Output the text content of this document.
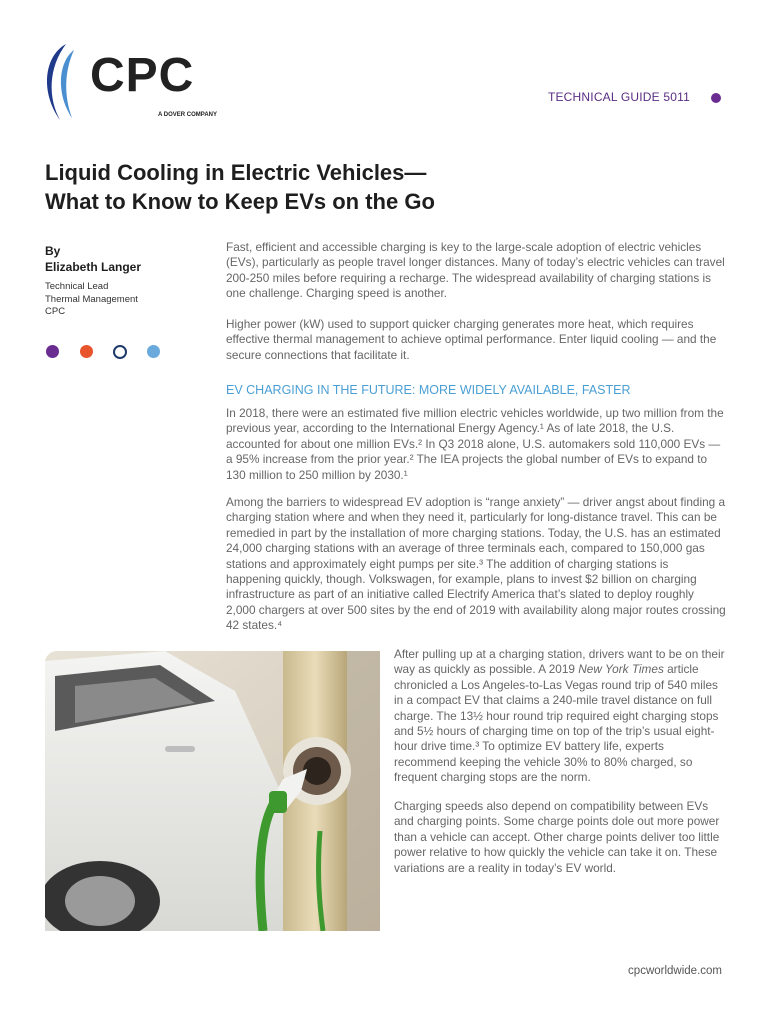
CPC
A DOVER COMPANY
TECHNICAL GUIDE 5011
Liquid Cooling in Electric Vehicles—
What to Know to Keep EVs on the Go
By
Elizabeth Langer
Technical Lead
Thermal Management
CPC

Fast, efficient and accessible charging is key to the large-scale adoption of electric vehicles (EVs), particularly as people travel longer distances. Many of today’s electric vehicles can travel 200-250 miles before requiring a recharge. The widespread availability of charging stations is one challenge. Charging speed is another.

Higher power (kW) used to support quicker charging generates more heat, which requires effective thermal management to achieve optimal performance. Enter liquid cooling — and the secure connections that facilitate it.

EV CHARGING IN THE FUTURE: MORE WIDELY AVAILABLE, FASTER

In 2018, there were an estimated five million electric vehicles worldwide, up two million from the previous year, according to the International Energy Agency.¹ As of late 2018, the U.S. accounted for about one million EVs.² In Q3 2018 alone, U.S. automakers sold 110,000 EVs — a 95% increase from the prior year.² The IEA projects the global number of EVs to expand to 130 million to 250 million by 2030.¹

Among the barriers to widespread EV adoption is “range anxiety” — driver angst about finding a charging station where and when they need it, particularly for long-distance travel. This can be remedied in part by the installation of more charging stations. Today, the U.S. has an estimated 24,000 charging stations with an average of three terminals each, compared to 150,000 gas stations and approximately eight pumps per site.³ The addition of charging stations is happening quickly, though. Volkswagen, for example, plans to invest $2 billion on charging infrastructure as part of an initiative called Electrify America that’s slated to deploy roughly 2,000 chargers at over 500 sites by the end of 2019 with availability along major routes crossing 42 states.⁴

After pulling up at a charging station, drivers want to be on their way as quickly as possible. A 2019 New York Times article chronicled a Los Angeles-to-Las Vegas round trip of 540 miles in a compact EV that claims a 240-mile travel distance on full charge. The 13½ hour round trip required eight charging stops and 5½ hours of charging time on top of the trip’s usual eight-hour drive time.³ To optimize EV battery life, experts recommend keeping the vehicle 30% to 80% charged, so frequent charging stops are the norm.

Charging speeds also depend on compatibility between EVs and charging points. Some charge points dole out more power than a vehicle can accept. Other charge points deliver too little power relative to how quickly the vehicle can take it on. These variations are a reality in today’s EV world.

cpcworldwide.com
